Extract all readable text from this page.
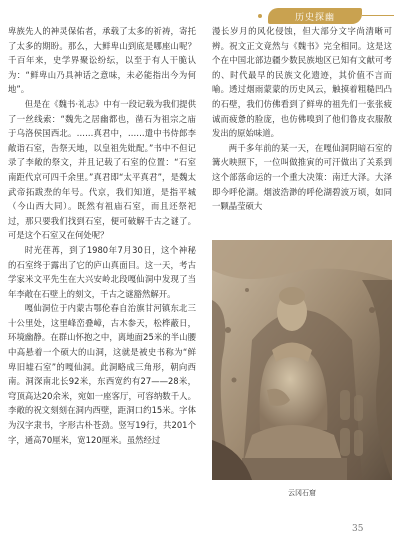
历史探幽

卑族先人的神灵保佑者，承载了太多的祈祷，寄托了太多的期盼。那么，大鲜卑山到底是哪座山呢？千百年来，史学界聚讼纷纭，以至于有人干脆认为：“鲜卑山乃具神话之意味，未必能指出今为何地”。

但是在《魏书·礼志》中有一段记载为我们提供了一丝线索：“魏先之居幽都也，凿石为祖宗之庙于乌洛侯国西北。……真君中，……遣中书侍郎李敞诣石室，告祭天地，以皇祖先妣配。”书中不但记录了李敞的祭文，并且记载了石室的位置：“石室南距代京可四千余里。”真君即“太平真君”，是魏太武帝拓跋焘的年号。代京，我们知道，是指平城（今山西大同）。既然有祖庙石室，而且还祭祀过，那只要我们找到石室，便可破解千古之谜了。可是这个石室又在何处呢？

时光荏苒，到了1980年7月30日，这个神秘的石室终于露出了它的庐山真面目。这一天，考古学家米文平先生在大兴安岭北段嘎仙洞中发现了当年李敞在石壁上的刻文，千古之谜豁然解开。

嘎仙洞位于内蒙古鄂伦春自治旗甘河镇东北三十公里处，这里峰峦叠嶂，古木参天，松桦蔽日，环境幽静。在群山怀抱之中，离地面25米的半山腰中高悬着一个硕大的山洞，这就是被史书称为“鲜卑旧墟石室”的嘎仙洞。此洞略成三角形，朝向西南。洞深南北长92米，东西宽约有27——28米，穹顶高达20余米，宛如一座客厅，可容纳数千人。李敞的祝文刻刻在洞内西壁，距洞口约15米。字体为汉字隶书，字形古朴苍劲。竖写19行，共201个字，通高70厘米，宽120厘米。虽然经过

漫长岁月的风化侵蚀，但大部分文字尚清晰可辨。祝文正文竟然与《魏书》完全相同。这是这个在中国北部边疆少数民族地区已知有文献可考的、时代最早的民族文化遗迹，其价值不言而喻。透过烟雨蒙蒙的历史风云，触摸着粗糙凹凸的石壁，我们仿佛看到了鲜卑的祖先们一张张疲诚而疲惫的脸庞，也仿佛嗅到了他们鲁皮衣服散发出的原始味道。

两千多年前的某一天，在嘎仙洞阴暗石室的篝火映照下，一位叫做推寅的可汗做出了关系到这个部落命运的一个重大决策：南迁大泽。大泽即今呼伦湖。烟波浩渺的呼伦湖碧波万顷，如同一颗晶莹硕大

云冈石窟
35
